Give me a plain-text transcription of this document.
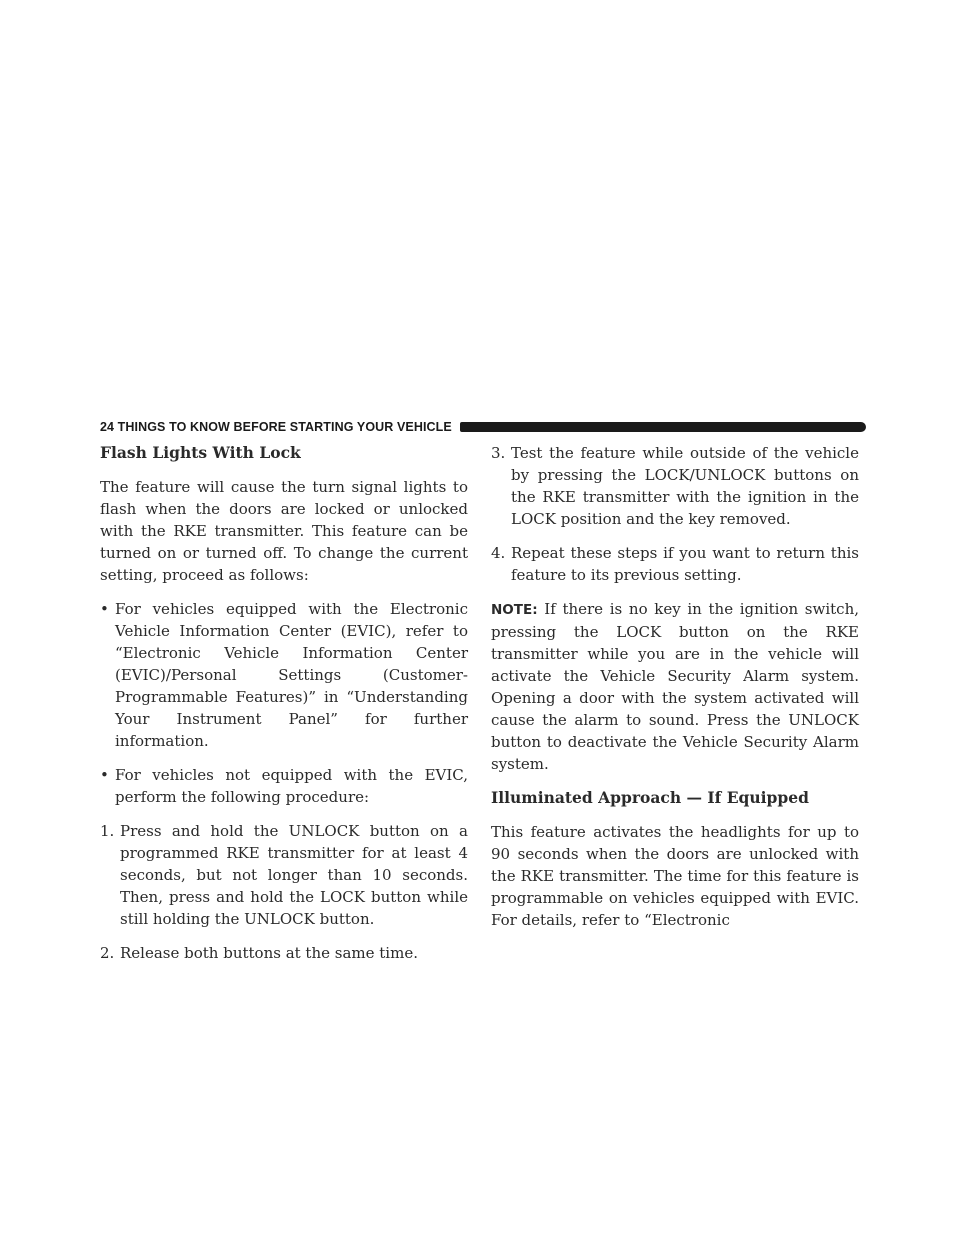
24 THINGS TO KNOW BEFORE STARTING YOUR VEHICLE

Flash Lights With Lock

The feature will cause the turn signal lights to flash when the doors are locked or unlocked with the RKE transmitter. This feature can be turned on or turned off. To change the current setting, proceed as follows:

• For vehicles equipped with the Electronic Vehicle Information Center (EVIC), refer to “Electronic Vehicle Information Center (EVIC)/Personal Settings (Customer-Programmable Features)” in “Understanding Your Instrument Panel” for further information.
• For vehicles not equipped with the EVIC, perform the following procedure:
1. Press and hold the UNLOCK button on a programmed RKE transmitter for at least 4 seconds, but not longer than 10 seconds. Then, press and hold the LOCK button while still holding the UNLOCK button.
2. Release both buttons at the same time.
3. Test the feature while outside of the vehicle by pressing the LOCK/UNLOCK buttons on the RKE transmitter with the ignition in the LOCK position and the key removed.
4. Repeat these steps if you want to return this feature to its previous setting.

NOTE: If there is no key in the ignition switch, pressing the LOCK button on the RKE transmitter while you are in the vehicle will activate the Vehicle Security Alarm system. Opening a door with the system activated will cause the alarm to sound. Press the UNLOCK button to deactivate the Vehicle Security Alarm system.

Illuminated Approach — If Equipped

This feature activates the headlights for up to 90 seconds when the doors are unlocked with the RKE transmitter. The time for this feature is programmable on vehicles equipped with EVIC. For details, refer to “Electronic
